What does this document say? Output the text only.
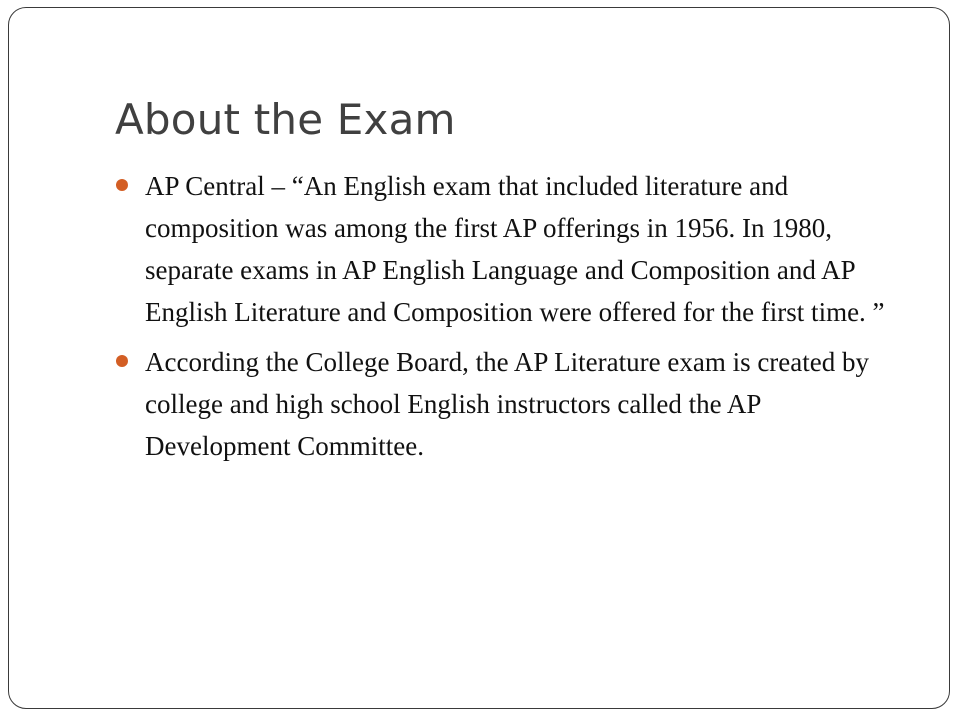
About the Exam
AP Central – “An English exam that included literature and composition was among the first AP offerings in 1956. In 1980, separate exams in AP English Language and Composition and AP English Literature and Composition were offered for the first time. ”
According the College Board, the AP Literature exam is created by college and high school English instructors called the AP Development Committee.
